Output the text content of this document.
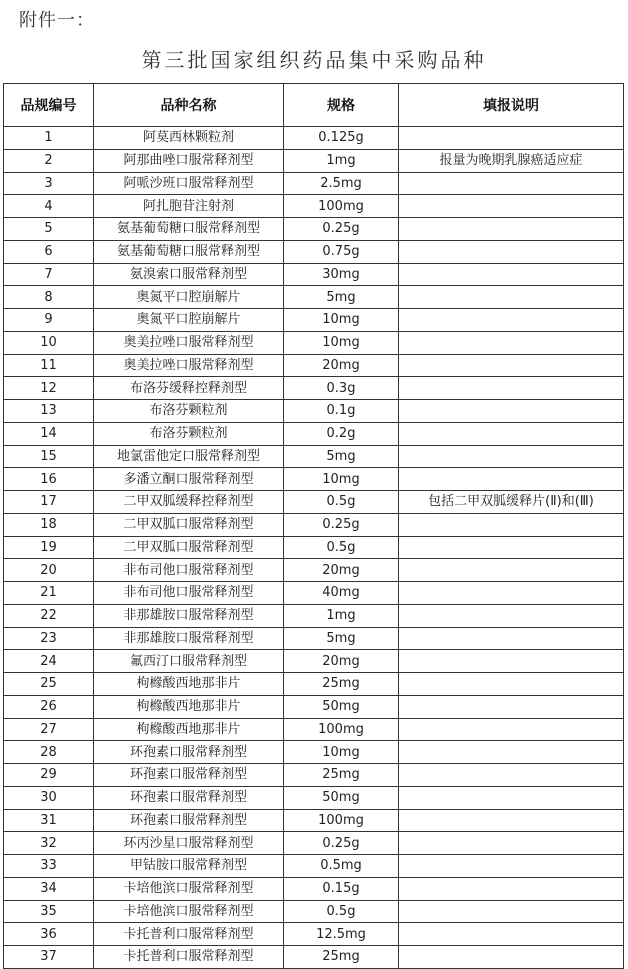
附件一：
第三批国家组织药品集中采购品种
品规编号	品种名称	规格	填报说明
1	阿莫西林颗粒剂	0.125g	
2	阿那曲唑口服常释剂型	1mg	报量为晚期乳腺癌适应症
3	阿哌沙班口服常释剂型	2.5mg	
4	阿扎胞苷注射剂	100mg	
5	氨基葡萄糖口服常释剂型	0.25g	
6	氨基葡萄糖口服常释剂型	0.75g	
7	氨溴索口服常释剂型	30mg	
8	奥氮平口腔崩解片	5mg	
9	奥氮平口腔崩解片	10mg	
10	奥美拉唑口服常释剂型	10mg	
11	奥美拉唑口服常释剂型	20mg	
12	布洛芬缓释控释剂型	0.3g	
13	布洛芬颗粒剂	0.1g	
14	布洛芬颗粒剂	0.2g	
15	地氯雷他定口服常释剂型	5mg	
16	多潘立酮口服常释剂型	10mg	
17	二甲双胍缓释控释剂型	0.5g	包括二甲双胍缓释片(Ⅱ)和(Ⅲ)
18	二甲双胍口服常释剂型	0.25g	
19	二甲双胍口服常释剂型	0.5g	
20	非布司他口服常释剂型	20mg	
21	非布司他口服常释剂型	40mg	
22	非那雄胺口服常释剂型	1mg	
23	非那雄胺口服常释剂型	5mg	
24	氟西汀口服常释剂型	20mg	
25	枸橼酸西地那非片	25mg	
26	枸橼酸西地那非片	50mg	
27	枸橼酸西地那非片	100mg	
28	环孢素口服常释剂型	10mg	
29	环孢素口服常释剂型	25mg	
30	环孢素口服常释剂型	50mg	
31	环孢素口服常释剂型	100mg	
32	环丙沙星口服常释剂型	0.25g	
33	甲钴胺口服常释剂型	0.5mg	
34	卡培他滨口服常释剂型	0.15g	
35	卡培他滨口服常释剂型	0.5g	
36	卡托普利口服常释剂型	12.5mg	
37	卡托普利口服常释剂型	25mg	
